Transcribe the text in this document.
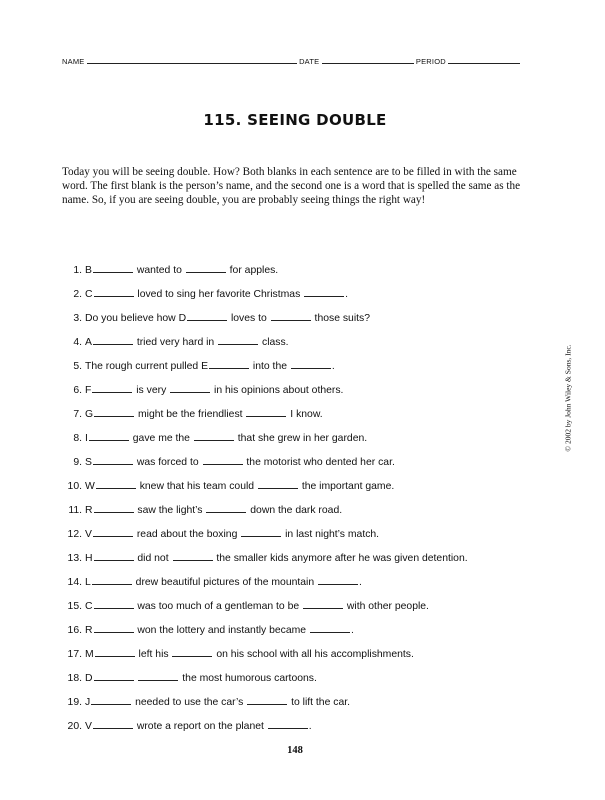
NAME	DATE	PERIOD
115. SEEING DOUBLE
Today you will be seeing double. How? Both blanks in each sentence are to be filled in with the same word. The first blank is the person’s name, and the second one is a word that is spelled the same as the name. So, if you are seeing double, you are probably seeing things the right way!
1. B	wanted to	for apples.
2. C	loved to sing her favorite Christmas	.
3. Do you believe how D	loves to	those suits?
4. A	tried very hard in	class.
5. The rough current pulled E	into the	.
6. F	is very	in his opinions about others.
7. G	might be the friendliest	I know.
8. I	gave me the	that she grew in her garden.
9. S	was forced to	the motorist who dented her car.
10. W	knew that his team could	the important game.
11. R	saw the light’s	down the dark road.
12. V	read about the boxing	in last night’s match.
13. H	did not	the smaller kids anymore after he was given detention.
14. L	drew beautiful pictures of the mountain	.
15. C	was too much of a gentleman to be	with other people.
16. R	won the lottery and instantly became	.
17. M	left his	on his school with all his accomplishments.
18. D	the most humorous cartoons.
19. J	needed to use the car’s	to lift the car.
20. V	wrote a report on the planet	.
© 2002 by John Wiley & Sons, Inc.
148
